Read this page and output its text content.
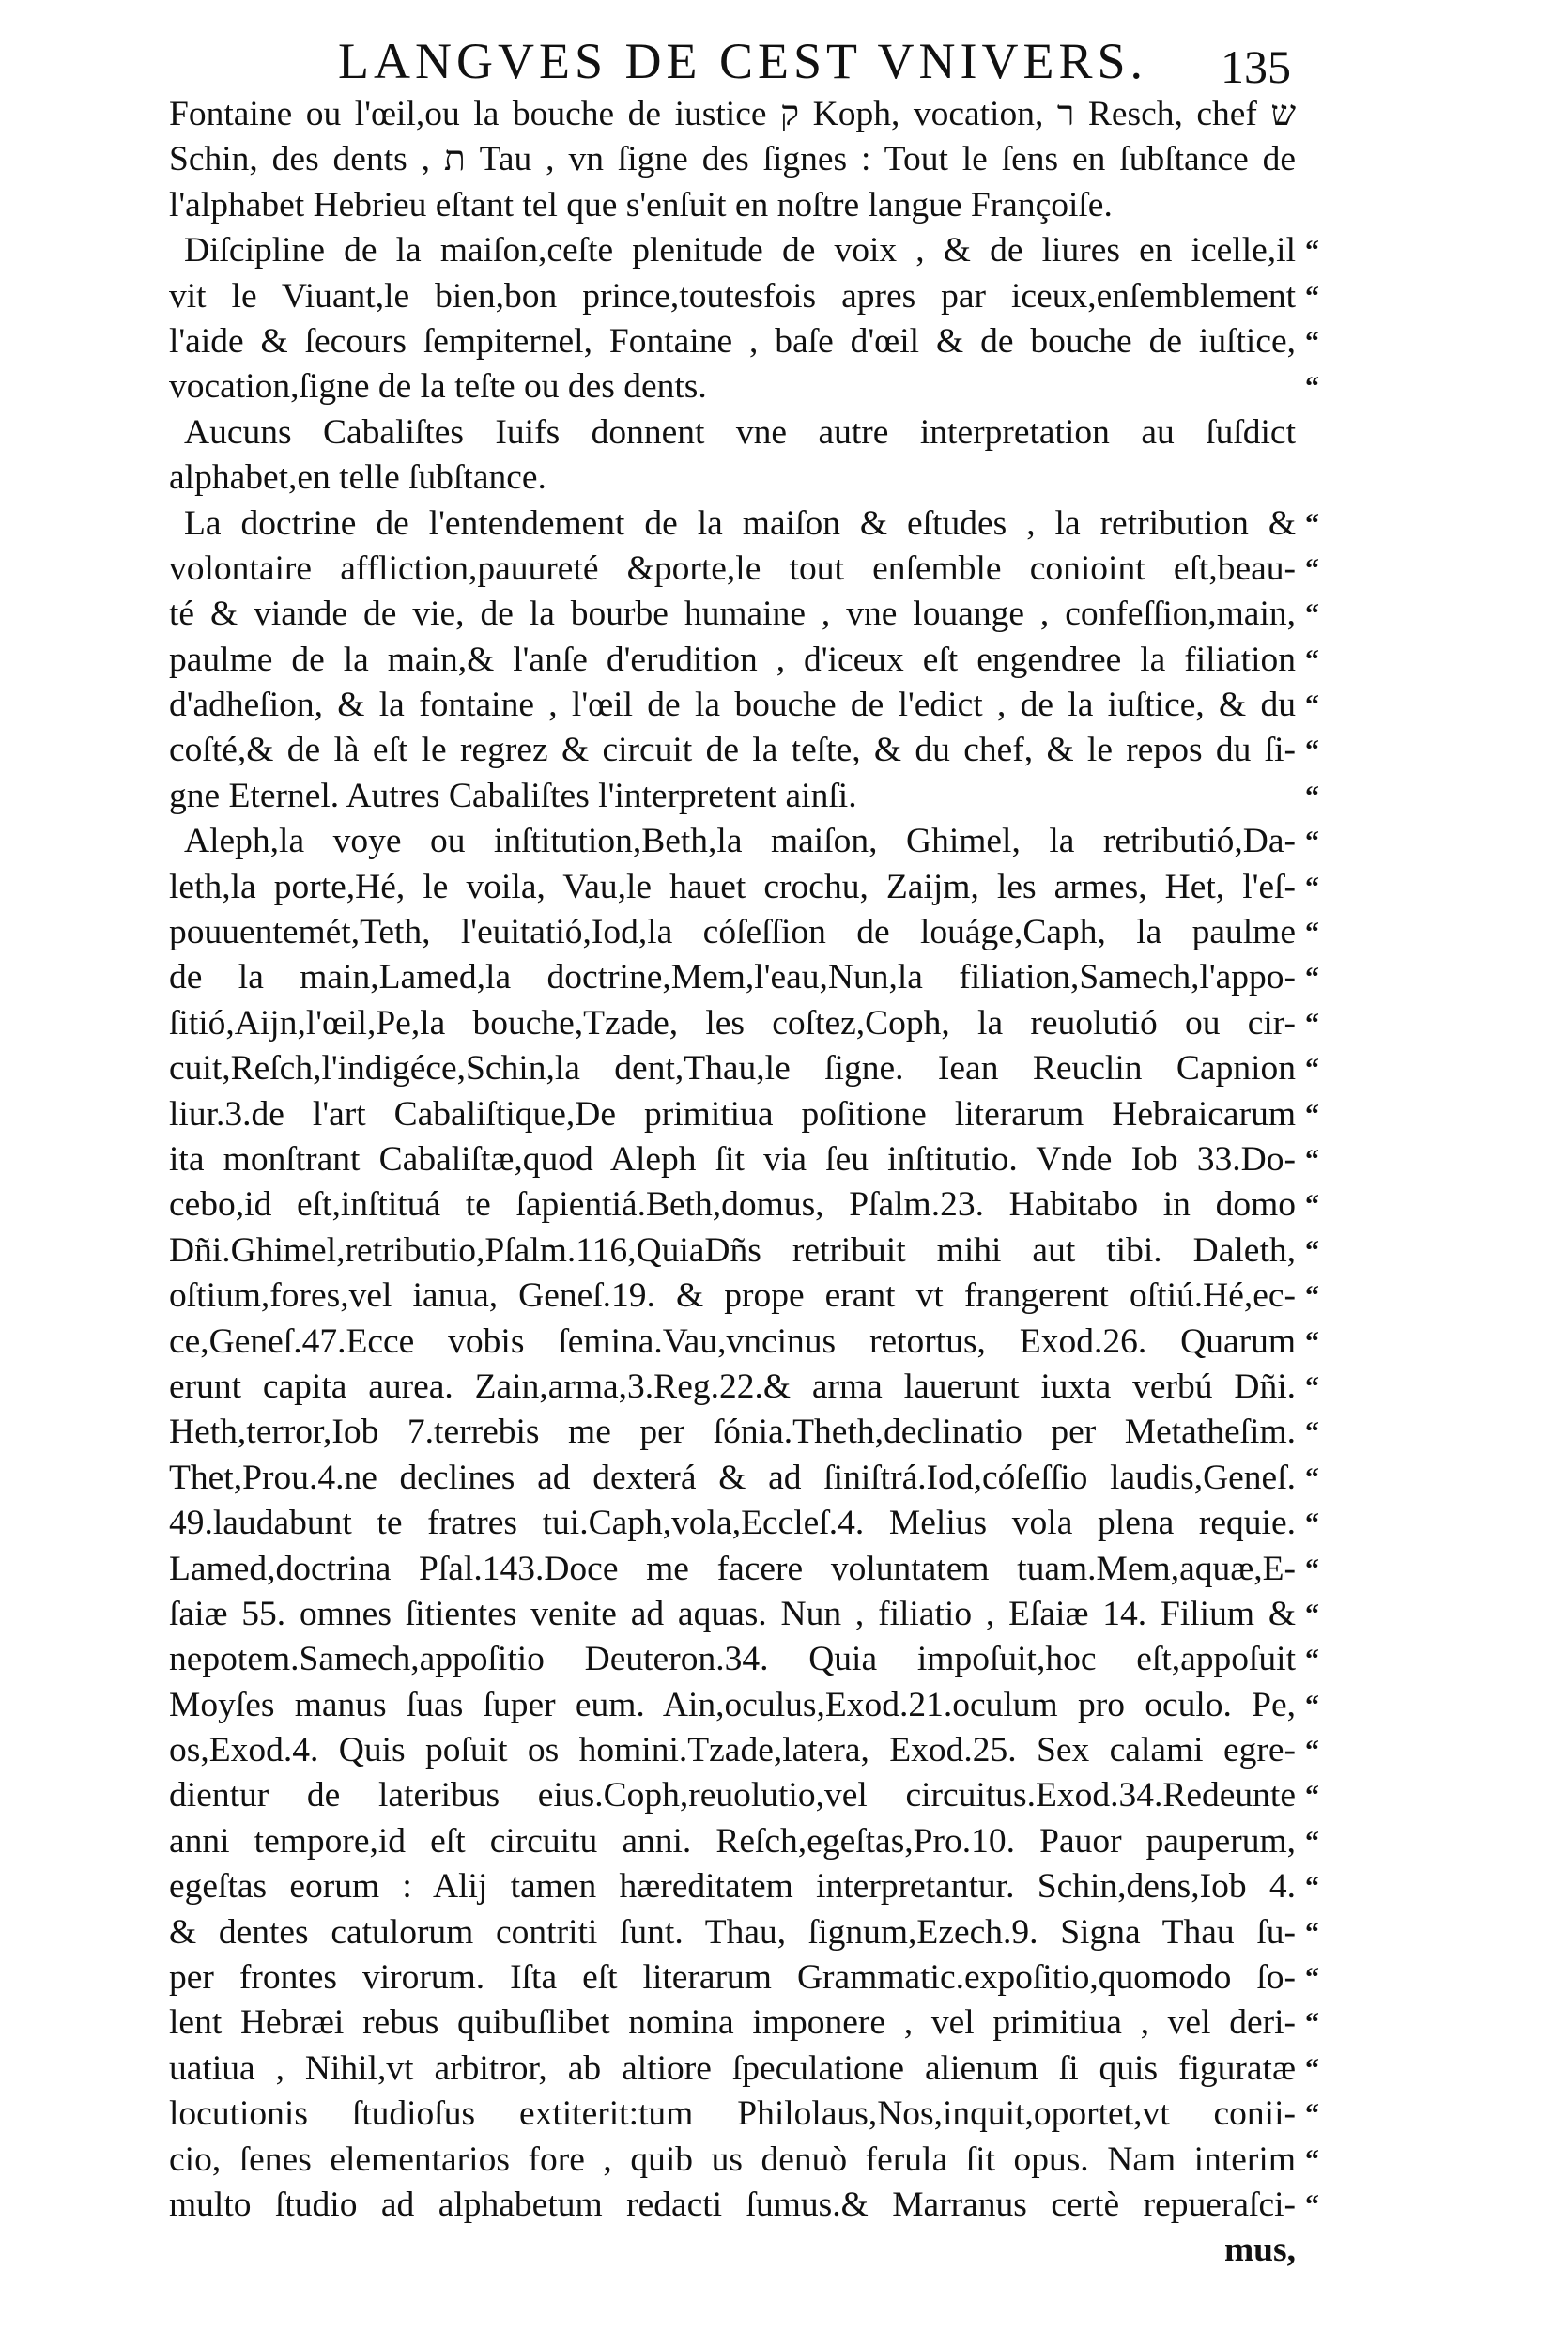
LANGVES DE CEST VNIVERS. 135
Fontaine ou l'œil,ou la bouche de iustice ק Koph, vocation, ר Resch, chef ש
Schin, des dents , ת Tau , vn ſigne des ſignes : Tout le ſens en ſubſtance de
l'alphabet Hebrieu eſtant tel que s'enſuit en noſtre langue Françoiſe.
Diſcipline de la maiſon,ceſte plenitude de voix , & de liures en icelle,il “
vit le Viuant,le bien,bon prince,toutesfois apres par iceux,enſemblement “
l'aide & ſecours ſempiternel, Fontaine , baſe d'œil & de bouche de iuſtice, “
vocation,ſigne de la teſte ou des dents.	“
Aucuns Cabaliſtes Iuifs donnent vne autre interpretation au ſuſdict
alphabet,en telle ſubſtance.
La doctrine de l'entendement de la maiſon & eſtudes , la retribution & “
volontaire affliction,pauureté &porte,le tout enſemble conioint eſt,beau- “
té & viande de vie, de la bourbe humaine , vne louange , confeſſion,main, “
paulme de la main,& l'anſe d'erudition , d'iceux eſt engendree la filiation “
d'adheſion, & la fontaine , l'œil de la bouche de l'edict , de la iuſtice, & du “
coſté,& de là eſt le regrez & circuit de la teſte, & du chef, & le repos du ſi- “
gne Eternel. Autres Cabaliſtes l'interpretent ainſi.	“
Aleph,la voye ou inſtitution,Beth,la maiſon, Ghimel, la retributió,Da- “
leth,la porte,Hé, le voila, Vau,le hauet crochu, Zaijm, les armes, Het, l'eſ- “
pouuentemét,Teth, l'euitatió,Iod,la cóſeſſion de louáge,Caph, la paulme “
de la main,Lamed,la doctrine,Mem,l'eau,Nun,la filiation,Samech,l'appo- “
ſitió,Aijn,l'œil,Pe,la bouche,Tzade, les coſtez,Coph, la reuolutió ou cir- “
cuit,Reſch,l'indigéce,Schin,la dent,Thau,le ſigne. Iean Reuclin Capnion “
liur.3.de l'art Cabaliſtique,De primitiua poſitione literarum Hebraicarum “
ita monſtrant Cabaliſtæ,quod Aleph ſit via ſeu inſtitutio. Vnde Iob 33.Do- “
cebo,id eſt,inſtituá te ſapientiá.Beth,domus, Pſalm.23. Habitabo in domo “
Dñi.Ghimel,retributio,Pſalm.116,QuiaDñs retribuit mihi aut tibi. Daleth, “
oſtium,fores,vel ianua, Geneſ.19. & prope erant vt frangerent oſtiú.Hé,ec- “
ce,Geneſ.47.Ecce vobis ſemina.Vau,vncinus retortus, Exod.26. Quarum “
erunt capita aurea. Zain,arma,3.Reg.22.& arma lauerunt iuxta verbú Dñi. “
Heth,terror,Iob 7.terrebis me per ſónia.Theth,declinatio per Metatheſim. “
Thet,Prou.4.ne declines ad dexterá & ad ſiniſtrá.Iod,cóſeſſio laudis,Geneſ. “
49.laudabunt te fratres tui.Caph,vola,Eccleſ.4. Melius vola plena requie. “
Lamed,doctrina Pſal.143.Doce me facere voluntatem tuam.Mem,aquæ,E- “
ſaiæ 55. omnes ſitientes venite ad aquas. Nun , filiatio , Eſaiæ 14. Filium & “
nepotem.Samech,appoſitio Deuteron.34. Quia impoſuit,hoc eſt,appoſuit “
Moyſes manus ſuas ſuper eum. Ain,oculus,Exod.21.oculum pro oculo. Pe, “
os,Exod.4. Quis poſuit os homini.Tzade,latera, Exod.25. Sex calami egre- “
dientur de lateribus eius.Coph,reuolutio,vel circuitus.Exod.34.Redeunte “
anni tempore,id eſt circuitu anni. Reſch,egeſtas,Pro.10. Pauor pauperum, “
egeſtas eorum : Alij tamen hæreditatem interpretantur. Schin,dens,Iob 4. “
& dentes catulorum contriti ſunt. Thau, ſignum,Ezech.9. Signa Thau ſu- “
per frontes virorum. Iſta eſt literarum Grammatic.expoſitio,quomodo ſo- “
lent Hebræi rebus quibuſlibet nomina imponere , vel primitiua , vel deri- “
uatiua , Nihil,vt arbitror, ab altiore ſpeculatione alienum ſi quis figuratæ “
locutionis ſtudioſus extiterit:tum Philolaus,Nos,inquit,oportet,vt conii- “
cio, ſenes elementarios fore , quib us denuò ferula ſit opus. Nam interim “
multo ſtudio ad alphabetum redacti ſumus.& Marranus certè repueraſci- “
mus,
